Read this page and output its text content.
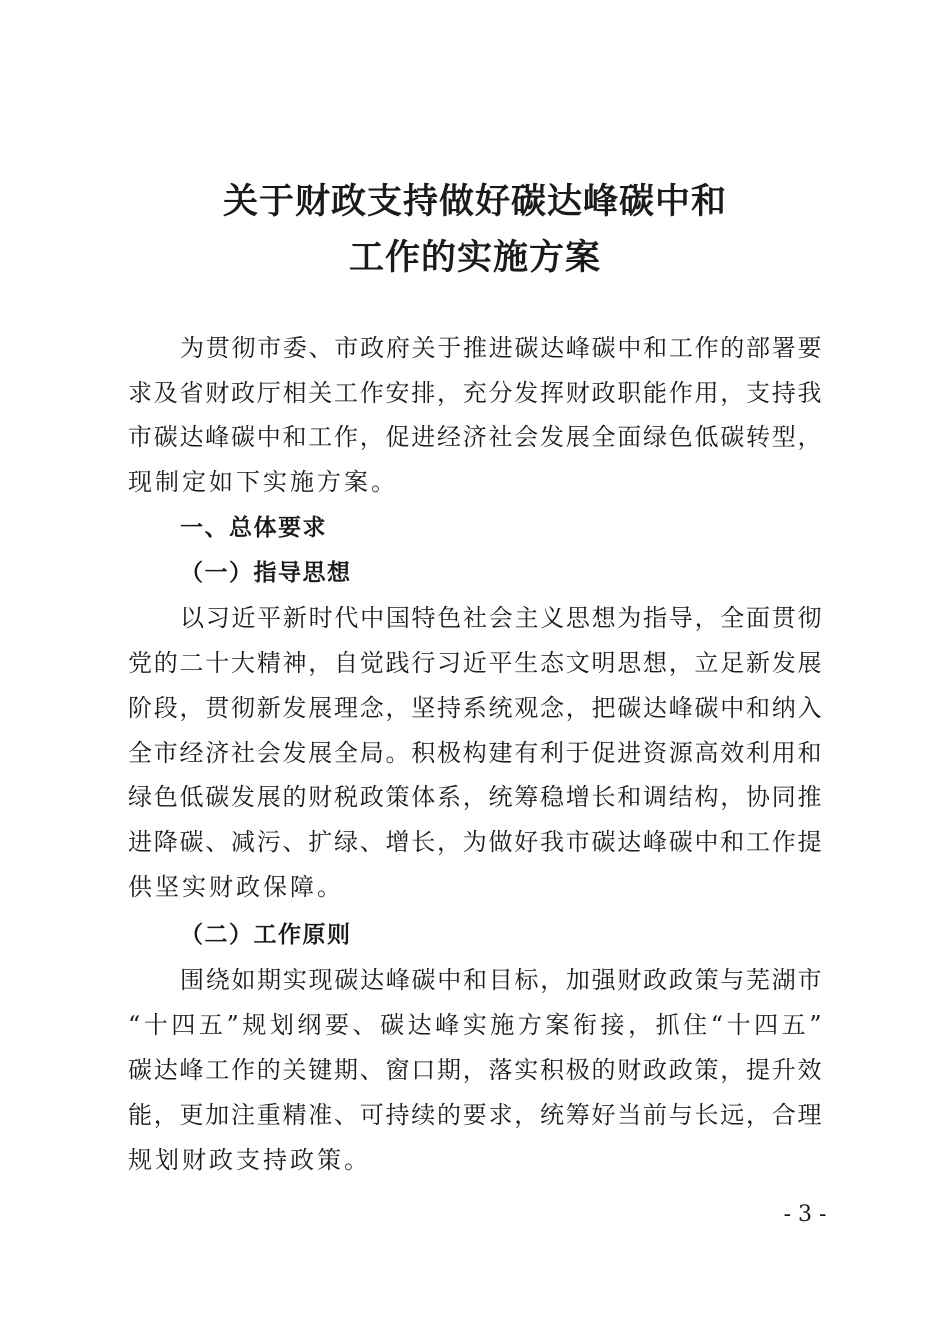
关于财政支持做好碳达峰碳中和
工作的实施方案
为贯彻市委、市政府关于推进碳达峰碳中和工作的部署要
求及省财政厅相关工作安排，充分发挥财政职能作用，支持我
市碳达峰碳中和工作，促进经济社会发展全面绿色低碳转型，
现制定如下实施方案。
一、总体要求
（一）指导思想
以习近平新时代中国特色社会主义思想为指导，全面贯彻
党的二十大精神，自觉践行习近平生态文明思想，立足新发展
阶段，贯彻新发展理念，坚持系统观念，把碳达峰碳中和纳入
全市经济社会发展全局。积极构建有利于促进资源高效利用和
绿色低碳发展的财税政策体系，统筹稳增长和调结构，协同推
进降碳、减污、扩绿、增长，为做好我市碳达峰碳中和工作提
供坚实财政保障。
（二）工作原则
围绕如期实现碳达峰碳中和目标，加强财政政策与芜湖市
“十四五”规划纲要、碳达峰实施方案衔接，抓住“十四五”
碳达峰工作的关键期、窗口期，落实积极的财政政策，提升效
能，更加注重精准、可持续的要求，统筹好当前与长远，合理
规划财政支持政策。
- 3 -
